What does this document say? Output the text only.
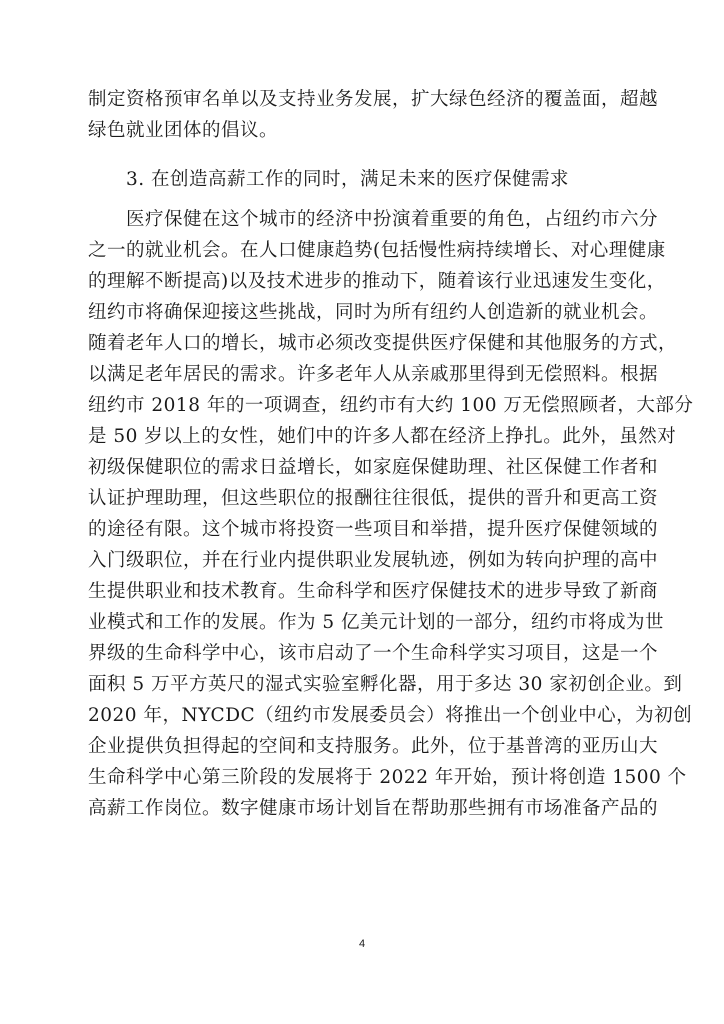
制定资格预审名单以及支持业务发展，扩大绿色经济的覆盖面，超越
绿色就业团体的倡议。
3. 在创造高薪工作的同时，满足未来的医疗保健需求
医疗保健在这个城市的经济中扮演着重要的角色，占纽约市六分
之一的就业机会。在人口健康趋势(包括慢性病持续增长、对心理健康
的理解不断提高)以及技术进步的推动下，随着该行业迅速发生变化，
纽约市将确保迎接这些挑战，同时为所有纽约人创造新的就业机会。
随着老年人口的增长，城市必须改变提供医疗保健和其他服务的方式，
以满足老年居民的需求。许多老年人从亲戚那里得到无偿照料。根据
纽约市 2018 年的一项调查，纽约市有大约 100 万无偿照顾者，大部分
是 50 岁以上的女性，她们中的许多人都在经济上挣扎。此外，虽然对
初级保健职位的需求日益增长，如家庭保健助理、社区保健工作者和
认证护理助理，但这些职位的报酬往往很低，提供的晋升和更高工资
的途径有限。这个城市将投资一些项目和举措，提升医疗保健领域的
入门级职位，并在行业内提供职业发展轨迹，例如为转向护理的高中
生提供职业和技术教育。生命科学和医疗保健技术的进步导致了新商
业模式和工作的发展。作为 5 亿美元计划的一部分，纽约市将成为世
界级的生命科学中心，该市启动了一个生命科学实习项目，这是一个
面积 5 万平方英尺的湿式实验室孵化器，用于多达 30 家初创企业。到
2020 年，NYCDC（纽约市发展委员会）将推出一个创业中心，为初创
企业提供负担得起的空间和支持服务。此外，位于基普湾的亚历山大
生命科学中心第三阶段的发展将于 2022 年开始，预计将创造 1500 个
高薪工作岗位。数字健康市场计划旨在帮助那些拥有市场准备产品的
4
